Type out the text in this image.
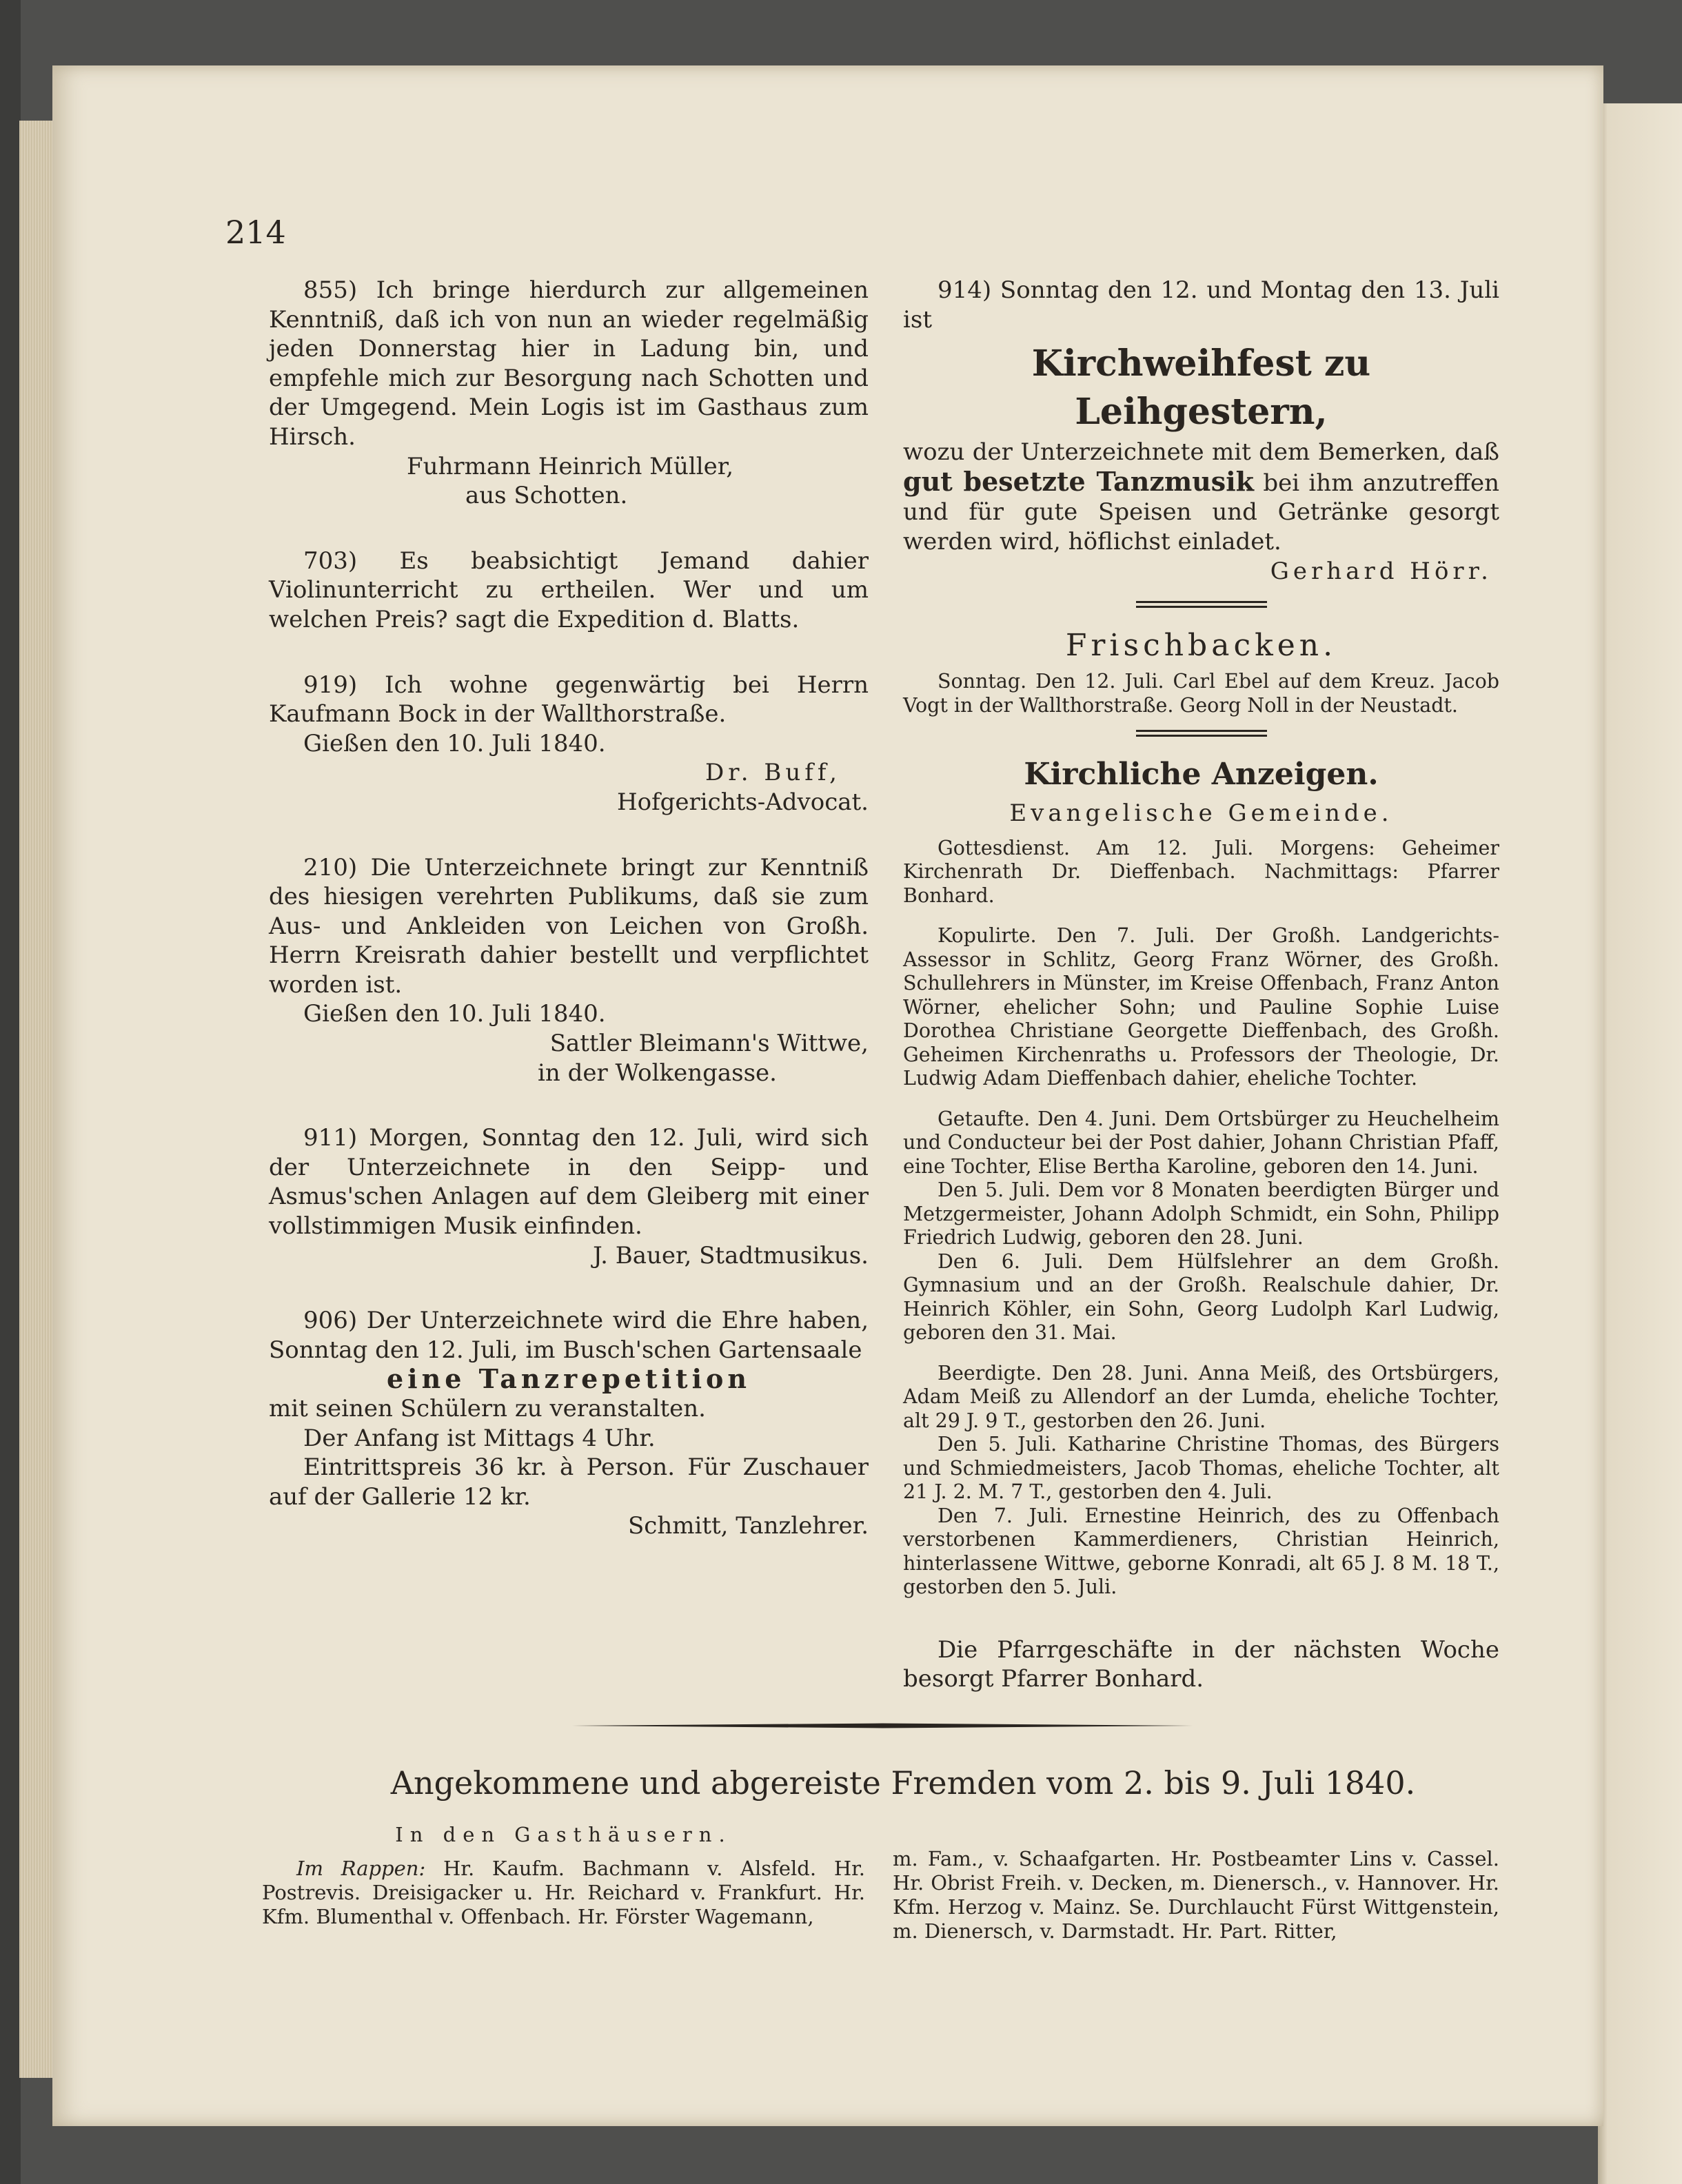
214

855) Ich bringe hierdurch zur allgemeinen Kenntniß, daß ich von nun an wieder regelmäßig jeden Donnerstag hier in Ladung bin, und empfehle mich zur Besorgung nach Schotten und der Umgegend. Mein Logis ist im Gasthaus zum Hirsch.

Fuhrmann Heinrich Müller,

aus Schotten.

703) Es beabsichtigt Jemand dahier Violinunterricht zu ertheilen. Wer und um welchen Preis? sagt die Expedition d. Blatts.

919) Ich wohne gegenwärtig bei Herrn Kaufmann Bock in der Wallthorstraße.

Gießen den 10. Juli 1840.

Dr. Buff,

Hofgerichts-Advocat.

210) Die Unterzeichnete bringt zur Kenntniß des hiesigen verehrten Publikums, daß sie zum Aus- und Ankleiden von Leichen von Großh. Herrn Kreisrath dahier bestellt und verpflichtet worden ist.

Gießen den 10. Juli 1840.

Sattler Bleimann's Wittwe,

in der Wolkengasse.

911) Morgen, Sonntag den 12. Juli, wird sich der Unterzeichnete in den Seipp- und Asmus'schen Anlagen auf dem Gleiberg mit einer vollstimmigen Musik einfinden.

J. Bauer, Stadtmusikus.

906) Der Unterzeichnete wird die Ehre haben, Sonntag den 12. Juli, im Busch'schen Gartensaale

eine Tanzrepetition

mit seinen Schülern zu veranstalten.

Der Anfang ist Mittags 4 Uhr.

Eintrittspreis 36 kr. à Person. Für Zuschauer auf der Gallerie 12 kr.

Schmitt, Tanzlehrer.

914) Sonntag den 12. und Montag den 13. Juli ist

Kirchweihfest zu Leihgestern,

wozu der Unterzeichnete mit dem Bemerken, daß gut besetzte Tanzmusik bei ihm anzutreffen und für gute Speisen und Getränke gesorgt werden wird, höflichst einladet.

Gerhard Hörr.

Frischbacken.

Sonntag. Den 12. Juli. Carl Ebel auf dem Kreuz. Jacob Vogt in der Wallthorstraße. Georg Noll in der Neustadt.

Kirchliche Anzeigen.

Evangelische Gemeinde.

Gottesdienst. Am 12. Juli. Morgens: Geheimer Kirchenrath Dr. Dieffenbach. Nachmittags: Pfarrer Bonhard.

Kopulirte. Den 7. Juli. Der Großh. Landgerichts-Assessor in Schlitz, Georg Franz Wörner, des Großh. Schullehrers in Münster, im Kreise Offenbach, Franz Anton Wörner, ehelicher Sohn; und Pauline Sophie Luise Dorothea Christiane Georgette Dieffenbach, des Großh. Geheimen Kirchenraths u. Professors der Theologie, Dr. Ludwig Adam Dieffenbach dahier, eheliche Tochter.

Getaufte. Den 4. Juni. Dem Ortsbürger zu Heuchelheim und Conducteur bei der Post dahier, Johann Christian Pfaff, eine Tochter, Elise Bertha Karoline, geboren den 14. Juni.

Den 5. Juli. Dem vor 8 Monaten beerdigten Bürger und Metzgermeister, Johann Adolph Schmidt, ein Sohn, Philipp Friedrich Ludwig, geboren den 28. Juni.

Den 6. Juli. Dem Hülfslehrer an dem Großh. Gymnasium und an der Großh. Realschule dahier, Dr. Heinrich Köhler, ein Sohn, Georg Ludolph Karl Ludwig, geboren den 31. Mai.

Beerdigte. Den 28. Juni. Anna Meiß, des Ortsbürgers, Adam Meiß zu Allendorf an der Lumda, eheliche Tochter, alt 29 J. 9 T., gestorben den 26. Juni.

Den 5. Juli. Katharine Christine Thomas, des Bürgers und Schmiedmeisters, Jacob Thomas, eheliche Tochter, alt 21 J. 2. M. 7 T., gestorben den 4. Juli.

Den 7. Juli. Ernestine Heinrich, des zu Offenbach verstorbenen Kammerdieners, Christian Heinrich, hinterlassene Wittwe, geborne Konradi, alt 65 J. 8 M. 18 T., gestorben den 5. Juli.

Die Pfarrgeschäfte in der nächsten Woche besorgt Pfarrer Bonhard.

Angekommene und abgereiste Fremden vom 2. bis 9. Juli 1840.

In den Gasthäusern.

Im Rappen: Hr. Kaufm. Bachmann v. Alsfeld. Hr. Postrevis. Dreisigacker u. Hr. Reichard v. Frankfurt. Hr. Kfm. Blumenthal v. Offenbach. Hr. Förster Wagemann,

m. Fam., v. Schaafgarten. Hr. Postbeamter Lins v. Cassel. Hr. Obrist Freih. v. Decken, m. Dienersch., v. Hannover. Hr. Kfm. Herzog v. Mainz. Se. Durchlaucht Fürst Wittgenstein, m. Dienersch, v. Darmstadt. Hr. Part. Ritter,
